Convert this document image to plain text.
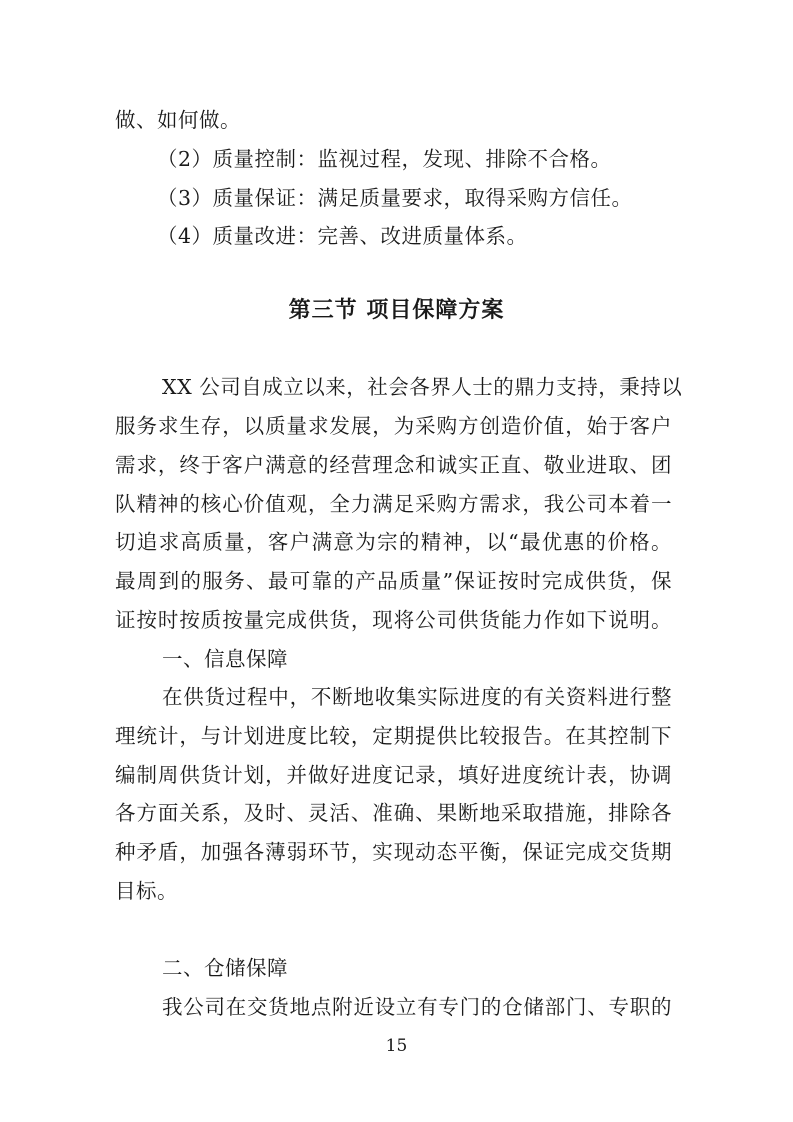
做、如何做。
（2）质量控制：监视过程，发现、排除不合格。
（3）质量保证：满足质量要求，取得采购方信任。
（4）质量改进：完善、改进质量体系。
第三节 项目保障方案
XX 公司自成立以来，社会各界人士的鼎力支持，秉持以
服务求生存，以质量求发展，为采购方创造价值，始于客户
需求，终于客户满意的经营理念和诚实正直、敬业进取、团
队精神的核心价值观，全力满足采购方需求，我公司本着一
切追求高质量，客户满意为宗的精神，以“最优惠的价格。
最周到的服务、最可靠的产品质量”保证按时完成供货，保
证按时按质按量完成供货，现将公司供货能力作如下说明。
一、信息保障
在供货过程中，不断地收集实际进度的有关资料进行整
理统计，与计划进度比较，定期提供比较报告。在其控制下
编制周供货计划，并做好进度记录，填好进度统计表，协调
各方面关系，及时、灵活、准确、果断地采取措施，排除各
种矛盾，加强各薄弱环节，实现动态平衡，保证完成交货期
目标。
二、仓储保障
我公司在交货地点附近设立有专门的仓储部门、专职的
15
